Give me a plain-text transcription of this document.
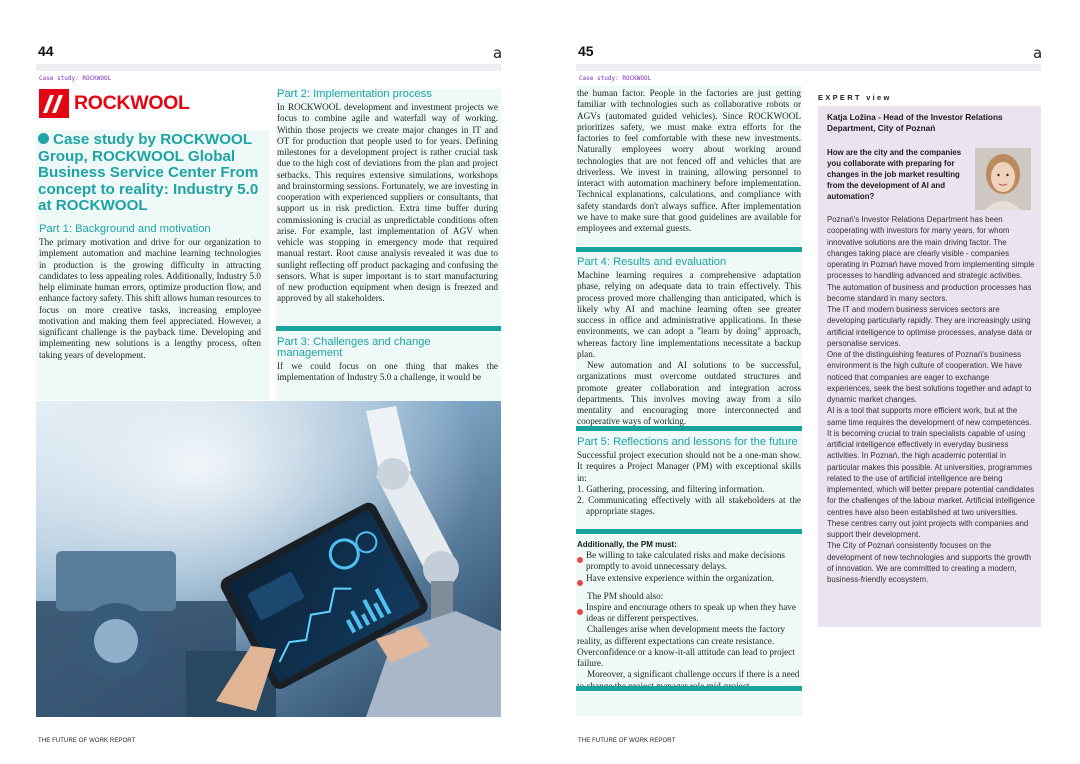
44	a
Case study: ROCKWOOL
ROCKWOOL
Case study by ROCKWOOL Group, ROCKWOOL Global Business Service Center From concept to reality: Industry 5.0 at ROCKWOOL
Part 1: Background and motivation
The primary motivation and drive for our organization to implement automation and machine learning technologies in production is the growing difficulty in attracting candidates to less appealing roles. Additionally, Industry 5.0 help eliminate human errors, optimize production flow, and enhance factory safety. This shift allows human resources to focus on more creative tasks, increasing employee motivation and making them feel appreciated. However, a significant challenge is the payback time. Developing and implementing new solutions is a lengthy process, often taking years of development.
Part 2: Implementation process
In ROCKWOOL development and investment projects we focus to combine agile and waterfall way of working. Within those projects we create major changes in IT and OT for production that people used to for years. Defining milestones for a development project is rather crucial task due to the high cost of deviations from the plan and project setbacks. This requires extensive simulations, workshops and brainstorming sessions. Fortunately, we are investing in cooperation with experienced suppliers or consultants, that support us in risk prediction. Extra time buffer during commissioning is crucial as unpredictable conditions often arise. For example, last implementation of AGV when vehicle was stopping in emergency mode that required manual restart. Root cause analysis revealed it was due to sunlight reflecting off product packaging and confusing the sensors. What is super important is to start manufacturing of new production equipment when design is freezed and approved by all stakeholders.
Part 3: Challenges and change management
If we could focus on one thing that makes the implementation of Industry 5.0 a challenge, it would be
THE FUTURE OF WORK REPORT
45	a
Case study: ROCKWOOL
the human factor. People in the factories are just getting familiar with technologies such as collaborative robots or AGVs (automated guided vehicles). Since ROCKWOOL prioritizes safety, we must make extra efforts for the factories to feel comfortable with these new investments. Naturally employees worry about working around technologies that are not fenced off and vehicles that are driverless. We invest in training, allowing personnel to interact with automation machinery before implementation. Technical explanations, calculations, and compliance with safety standards don't always suffice. After implementation we have to make sure that good guidelines are available for employees and external guests.
Part 4: Results and evaluation
Machine learning requires a comprehensive adaptation phase, relying on adequate data to train effectively. This process proved more challenging than anticipated, which is likely why AI and machine learning often see greater success in office and administrative applications. In these environments, we can adopt a "learn by doing" approach, whereas factory line implementations necessitate a backup plan.
New automation and AI solutions to be successful, organizations must overcome outdated structures and promote greater collaboration and integration across departments. This involves moving away from a silo mentality and encouraging more interconnected and cooperative ways of working.
Part 5: Reflections and lessons for the future
Successful project execution should not be a one-man show. It requires a Project Manager (PM) with exceptional skills in:
1. Gathering, processing, and filtering information.
2. Communicating effectively with all stakeholders at the appropriate stages.
Additionally, the PM must:
Be willing to take calculated risks and make decisions promptly to avoid unnecessary delays.
Have extensive experience within the organization.
The PM should also:
Inspire and encourage others to speak up when they have ideas or different perspectives.
Challenges arise when development meets the factory reality, as different expectations can create resistance. Overconfidence or a know-it-all attitude can lead to project failure.
Moreover, a significant challenge occurs if there is a need
EXPERT view
Katja Ložina - Head of the Investor Relations Department, City of Poznań
How are the city and the companies you collaborate with preparing for changes in the job market resulting from the development of AI and automation?
Poznań's Investor Relations Department has been cooperating with investors for many years, for whom innovative solutions are the main driving factor. The changes taking place are clearly visible - companies operating in Poznań have moved from implementing simple processes to handling advanced and strategic activities. The automation of business and production processes has become standard in many sectors.
The IT and modern business services sectors are developing particularly rapidly. They are increasingly using artificial intelligence to optimise processes, analyse data or personalise services.
One of the distinguishing features of Poznań's business environment is the high culture of cooperation. We have noticed that companies are eager to exchange experiences, seek the best solutions together and adapt to dynamic market changes.
AI is a tool that supports more efficient work, but at the same time requires the development of new competences. It is becoming crucial to train specialists capable of using artificial intelligence effectively in everyday business activities. In Poznań, the high academic potential in particular makes this possible. At universities, programmes related to the use of artificial intelligence are being implemented, which will better prepare potential candidates for the challenges of the labour market. Artificial intelligence centres have also been established at two universities. These centres carry out joint projects with companies and support their development.
The City of Poznań consistently focuses on the development of new technologies and supports the growth of innovation. We are committed to creating a modern, business-friendly ecosystem.
THE FUTURE OF WORK REPORT
